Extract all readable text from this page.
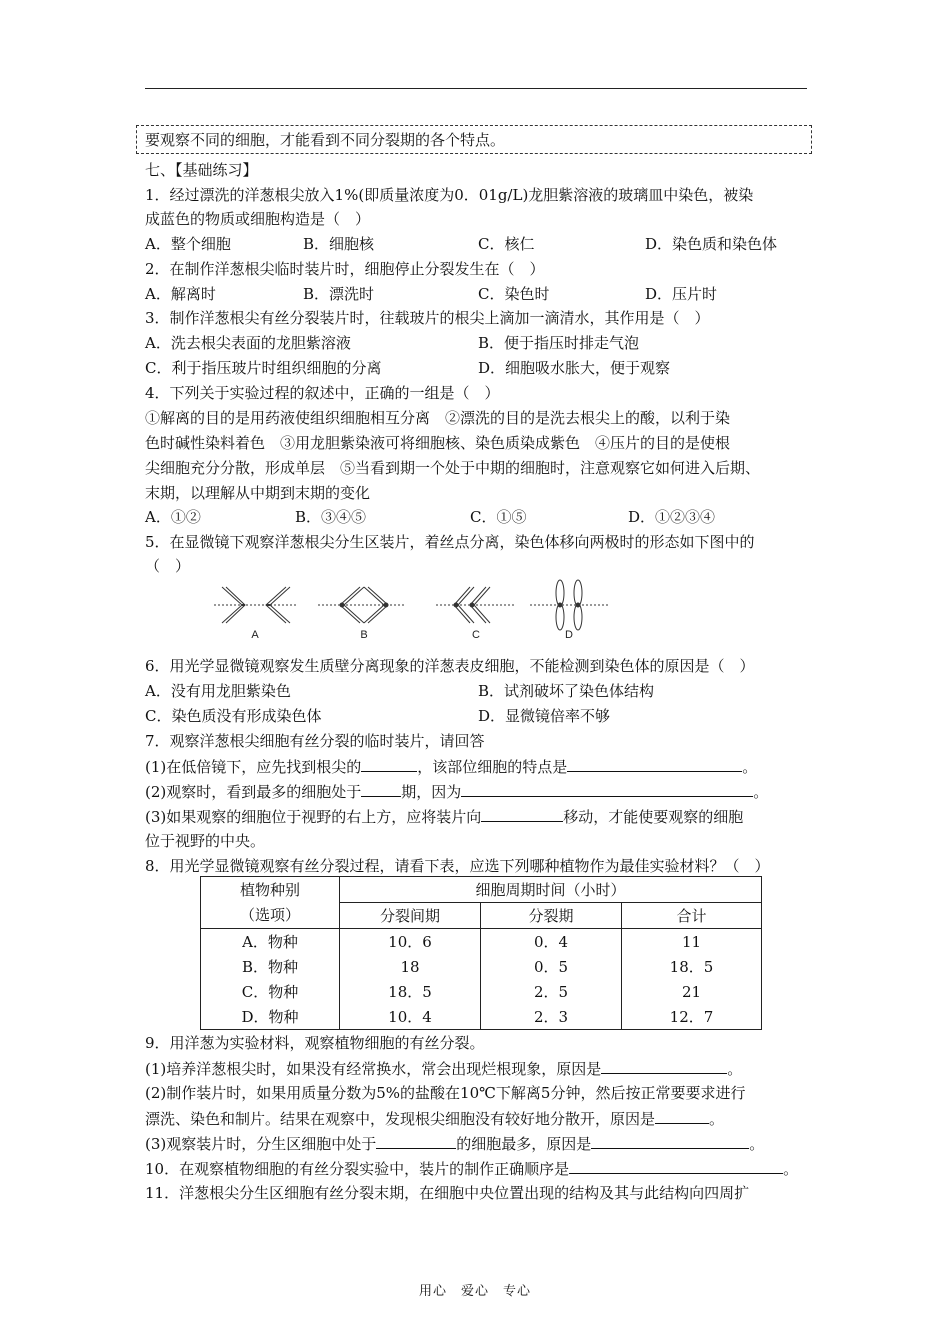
要观察不同的细胞，才能看到不同分裂期的各个特点。
七、【基础练习】
1．经过漂洗的洋葱根尖放入1%(即质量浓度为0．01g/L)龙胆紫溶液的玻璃皿中染色，被染
成蓝色的物质或细胞构造是（　）
A．整个细胞	B．细胞核	C．核仁	D．染色质和染色体
2．在制作洋葱根尖临时装片时，细胞停止分裂发生在（　）
A．解离时	B．漂洗时	C．染色时	D．压片时
3．制作洋葱根尖有丝分裂装片时，往载玻片的根尖上滴加一滴清水，其作用是（　）
A．洗去根尖表面的龙胆紫溶液	B．便于指压时排走气泡
C．利于指压玻片时组织细胞的分离	D．细胞吸水胀大，便于观察
4．下列关于实验过程的叙述中，正确的一组是（　）
①解离的目的是用药液使组织细胞相互分离　②漂洗的目的是洗去根尖上的酸，以利于染
色时碱性染料着色　③用龙胆紫染液可将细胞核、染色质染成紫色　④压片的目的是使根
尖细胞充分分散，形成单层　⑤当看到期一个处于中期的细胞时，注意观察它如何进入后期、
末期，以理解从中期到末期的变化
A．①②	B．③④⑤	C．①⑤	D．①②③④
5．在显微镜下观察洋葱根尖分生区装片，着丝点分离，染色体移向两极时的形态如下图中的
（　）
A	B	C	D
6．用光学显微镜观察发生质壁分离现象的洋葱表皮细胞，不能检测到染色体的原因是（　）
A．没有用龙胆紫染色	B．试剂破坏了染色体结构
C．染色质没有形成染色体	D．显微镜倍率不够
7．观察洋葱根尖细胞有丝分裂的临时装片，请回答
(1)在低倍镜下，应先找到根尖的	，该部位细胞的特点是	。
(2)观察时，看到最多的细胞处于	期，因为	。
(3)如果观察的细胞位于视野的右上方，应将装片向	移动，才能使要观察的细胞
位于视野的中央。
8．用光学显微镜观察有丝分裂过程，请看下表，应选下列哪种植物作为最佳实验材料？（　）
植物种别	细胞周期时间（小时）		
（选项）	分裂间期	分裂期	合计
A．物种	10．6	0．4	11
B．物种	18	0．5	18．5
C．物种	18．5	2．5	21
D．物种	10．4	2．3	12．7
9．用洋葱为实验材料，观察植物细胞的有丝分裂。
(1)培养洋葱根尖时，如果没有经常换水，常会出现烂根现象，原因是	。
(2)制作装片时，如果用质量分数为5%的盐酸在10℃下解离5分钟，然后按正常要要求进行
漂洗、染色和制片。结果在观察中，发现根尖细胞没有较好地分散开，原因是	。
(3)观察装片时，分生区细胞中处于	的细胞最多，原因是	。
10．在观察植物细胞的有丝分裂实验中，装片的制作正确顺序是	。
11．洋葱根尖分生区细胞有丝分裂末期，在细胞中央位置出现的结构及其与此结构向四周扩
用心　爱心　专心
